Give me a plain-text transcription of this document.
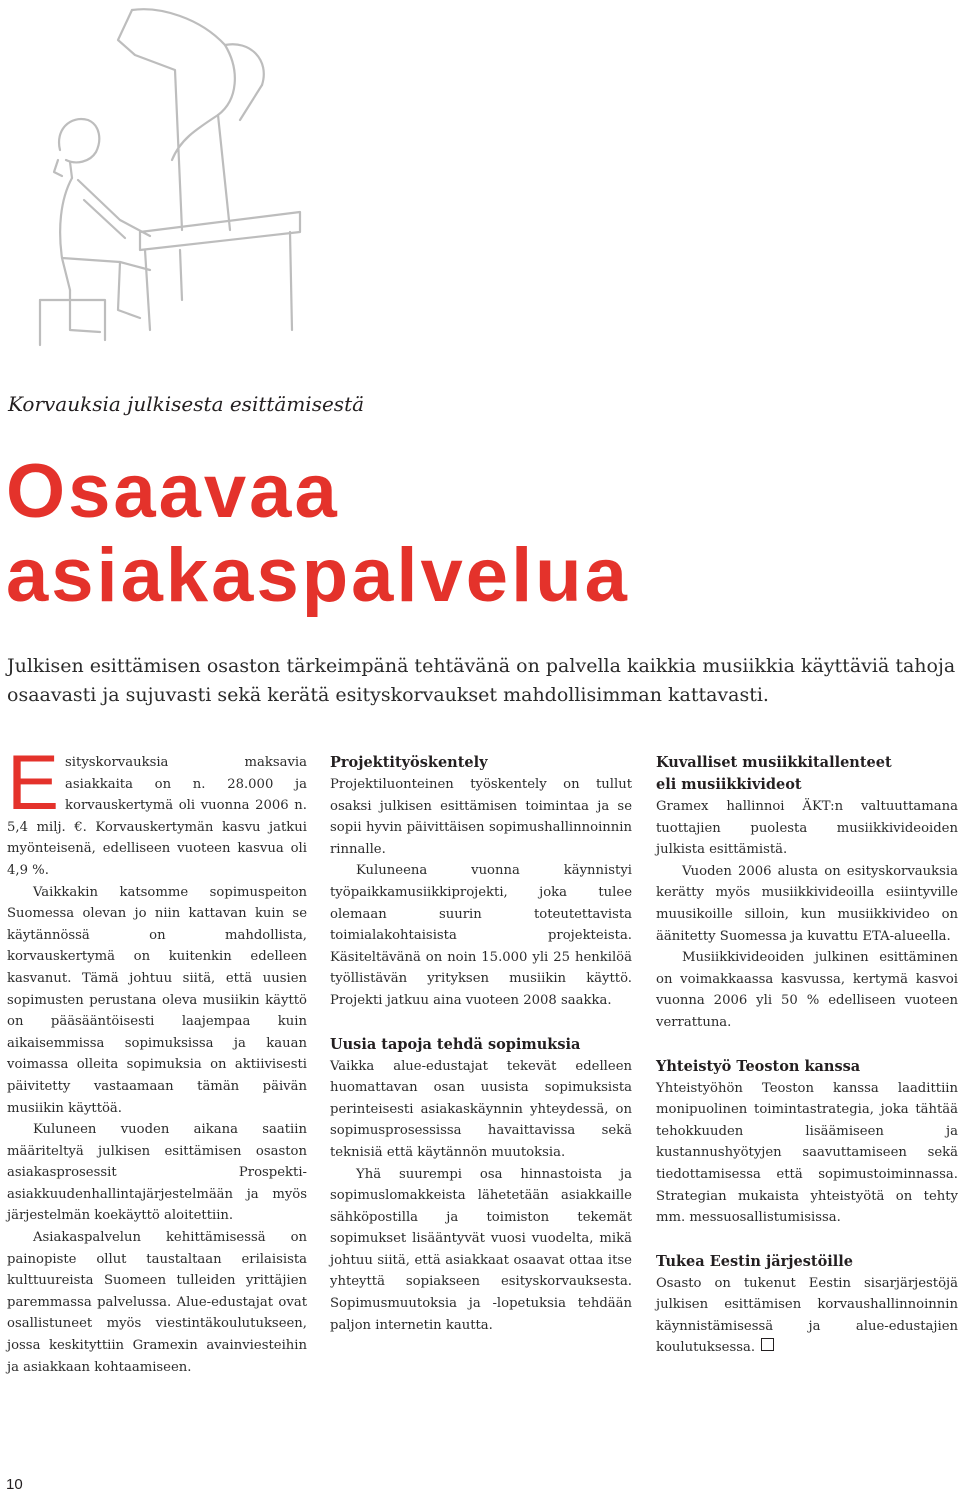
Korvauksia julkisesta esittämisestä
Osaavaa
asiakaspalvelua

Julkisen esittämisen osaston tärkeimpänä tehtävänä on palvella kaikkia musiikkia käyttäviä tahoja osaavasti ja sujuvasti sekä kerätä esityskorvaukset mahdollisimman kattavasti.

Esityskorvauksia maksavia asiakkaita on n. 28.000 ja korvauskertymä oli vuonna 2006 n. 5,4 milj. €. Korvauskertymän kasvu jatkui myönteisenä, edelliseen vuoteen kasvua oli 4,9 %.

Vaikkakin katsomme sopimuspeiton Suomessa olevan jo niin kattavan kuin se käytännössä on mahdollista, korvauskertymä on kuitenkin edelleen kasvanut. Tämä johtuu siitä, että uusien sopimusten perustana oleva musiikin käyttö on pääsääntöisesti laajempaa kuin aikaisemmissa sopimuksissa ja kauan voimassa olleita sopimuksia on aktiivisesti päivitetty vastaamaan tämän päivän musiikin käyttöä.

Kuluneen vuoden aikana saatiin määriteltyä julkisen esittämisen osaston asiakasprosessit Prospekti-asiakkuudenhallintajärjestelmään ja myös järjestelmän koekäyttö aloitettiin.

Asiakaspalvelun kehittämisessä on painopiste ollut taustaltaan erilaisista kulttuureista Suomeen tulleiden yrittäjien paremmassa palvelussa. Alue-edustajat ovat osallistuneet myös viestintäkoulutukseen, jossa keskityttiin Gramexin avainviesteihin ja asiakkaan kohtaamiseen.

Projektityöskentely

Projektiluonteinen työskentely on tullut osaksi julkisen esittämisen toimintaa ja se sopii hyvin päivittäisen sopimushallinnoinnin rinnalle.

Kuluneena vuonna käynnistyi työpaikkamusiikkiprojekti, joka tulee olemaan suurin toteutettavista toimialakohtaisista projekteista. Käsiteltävänä on noin 15.000 yli 25 henkilöä työllistävän yrityksen musiikin käyttö. Projekti jatkuu aina vuoteen 2008 saakka.

Uusia tapoja tehdä sopimuksia

Vaikka alue-edustajat tekevät edelleen huomattavan osan uusista sopimuksista perinteisesti asiakaskäynnin yhteydessä, on sopimusprosessissa havaittavissa sekä teknisiä että käytännön muutoksia.

Yhä suurempi osa hinnastoista ja sopimuslomakkeista lähetetään asiakkaille sähköpostilla ja toimiston tekemät sopimukset lisääntyvät vuosi vuodelta, mikä johtuu siitä, että asiakkaat osaavat ottaa itse yhteyttä sopiakseen esityskorvauksesta. Sopimusmuutoksia ja -lopetuksia tehdään paljon internetin kautta.

Kuvalliset musiikkitallenteet
eli musiikkivideot

Gramex hallinnoi ÄKT:n valtuuttamana tuottajien puolesta musiikkivideoiden julkista esittämistä.

Vuoden 2006 alusta on esityskorvauksia kerätty myös musiikkivideoilla esiintyville muusikoille silloin, kun musiikkivideo on äänitetty Suomessa ja kuvattu ETA-alueella.

Musiikkivideoiden julkinen esittäminen on voimakkaassa kasvussa, kertymä kasvoi vuonna 2006 yli 50 % edelliseen vuoteen verrattuna.

Yhteistyö Teoston kanssa

Yhteistyöhön Teoston kanssa laadittiin monipuolinen toimintastrategia, joka tähtää tehokkuuden lisäämiseen ja kustannushyötyjen saavuttamiseen sekä tiedottamisessa että sopimustoiminnassa. Strategian mukaista yhteistyötä on tehty mm. messuosallistumisissa.

Tukea Eestin järjestöille

Osasto on tukenut Eestin sisarjärjestöjä julkisen esittämisen korvaushallinnoinnin käynnistämisessä ja alue-edustajien koulutuksessa.

10
